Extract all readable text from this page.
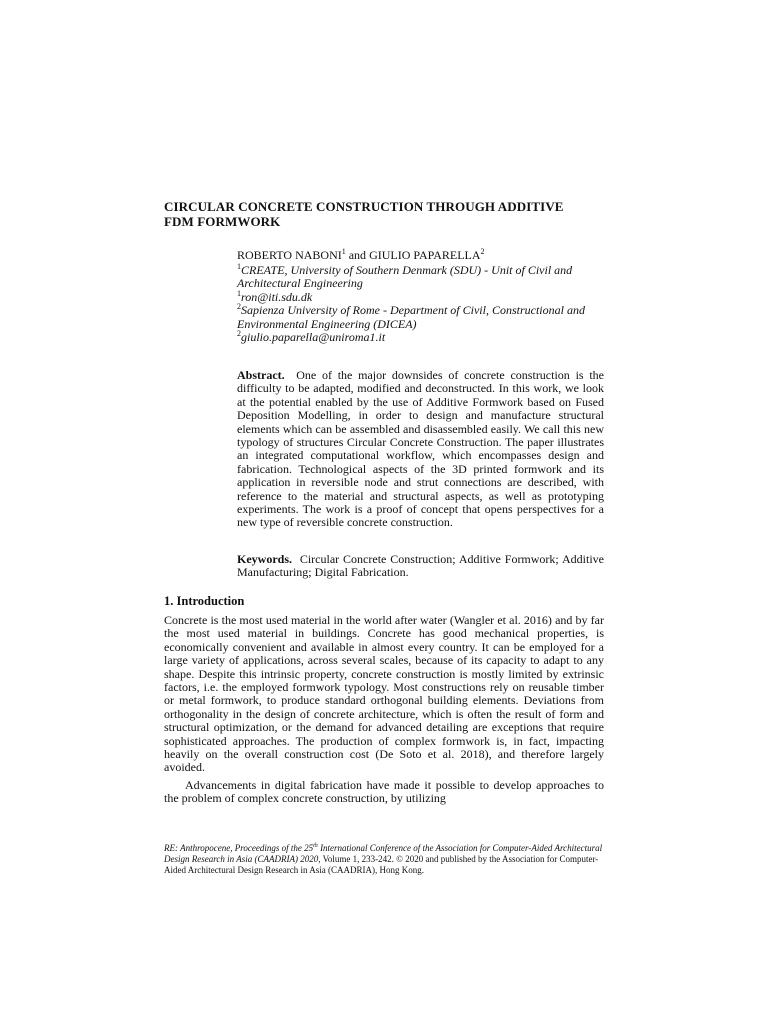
CIRCULAR CONCRETE CONSTRUCTION THROUGH ADDITIVE
FDM FORMWORK
ROBERTO NABONI$^1$ and GIULIO PAPARELLA$^2$
$^1$CREATE, University of Southern Denmark (SDU) - Unit of Civil and Architectural Engineering
$^1$ron@iti.sdu.dk
$^2$Sapienza University of Rome - Department of Civil, Constructional and Environmental Engineering (DICEA)
$^2$giulio.paparella@uniroma1.it
Abstract. One of the major downsides of concrete construction is the difficulty to be adapted, modified and deconstructed. In this work, we look at the potential enabled by the use of Additive Formwork based on Fused Deposition Modelling, in order to design and manufacture structural elements which can be assembled and disassembled easily. We call this new typology of structures Circular Concrete Construction. The paper illustrates an integrated computational workflow, which encompasses design and fabrication. Technological aspects of the 3D printed formwork and its application in reversible node and strut connections are described, with reference to the material and structural aspects, as well as prototyping experiments. The work is a proof of concept that opens perspectives for a new type of reversible concrete construction.
Keywords. Circular Concrete Construction; Additive Formwork; Additive Manufacturing; Digital Fabrication.
1. Introduction

Concrete is the most used material in the world after water (Wangler et al. 2016) and by far the most used material in buildings. Concrete has good mechanical properties, is economically convenient and available in almost every country. It can be employed for a large variety of applications, across several scales, because of its capacity to adapt to any shape. Despite this intrinsic property, concrete construction is mostly limited by extrinsic factors, i.e. the employed formwork typology. Most constructions rely on reusable timber or metal formwork, to produce standard orthogonal building elements. Deviations from orthogonality in the design of concrete architecture, which is often the result of form and structural optimization, or the demand for advanced detailing are exceptions that require sophisticated approaches. The production of complex formwork is, in fact, impacting heavily on the overall construction cost (De Soto et al. 2018), and therefore largely avoided.

Advancements in digital fabrication have made it possible to develop approaches to the problem of complex concrete construction, by utilizing

RE: Anthropocene, Proceedings of the 25th International Conference of the Association for Computer-Aided Architectural Design Research in Asia (CAADRIA) 2020, Volume 1, 233-242. © 2020 and published by the Association for Computer-Aided Architectural Design Research in Asia (CAADRIA), Hong Kong.
